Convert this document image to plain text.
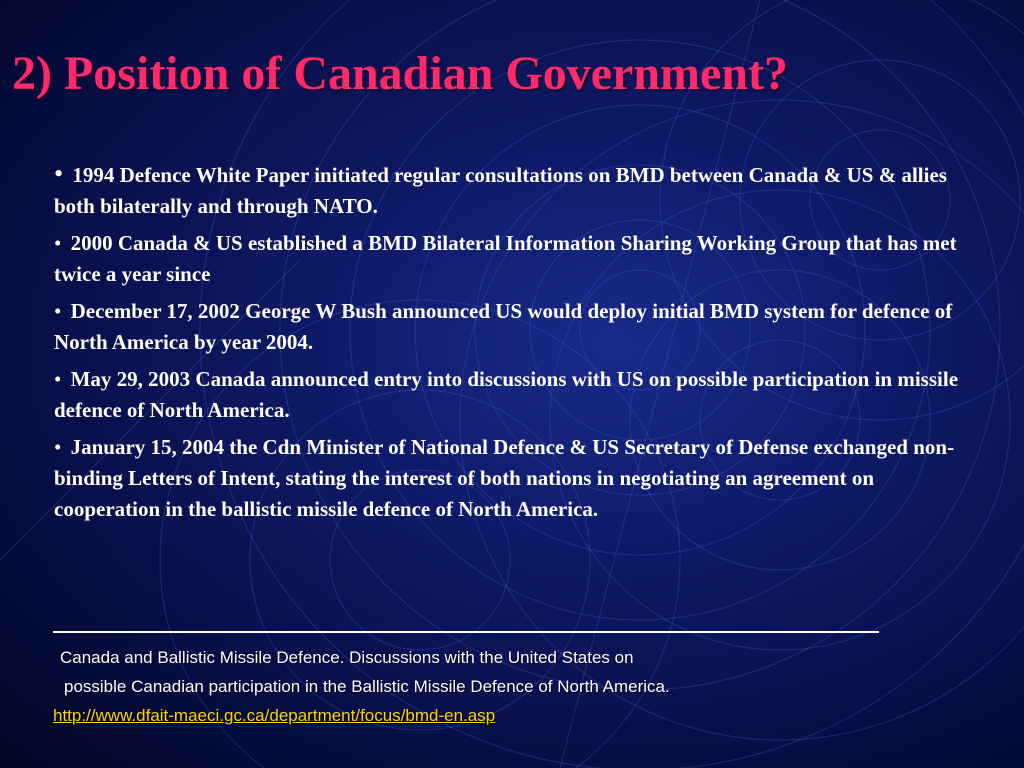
2) Position of Canadian Government?
• 1994 Defence White Paper initiated regular consultations on BMD between Canada & US & allies both bilaterally and through NATO.
• 2000 Canada & US established a BMD Bilateral Information Sharing Working Group that has met twice a year since
• December 17, 2002 George W Bush announced US would deploy initial BMD system for defence of North America by year 2004.
• May 29, 2003 Canada announced entry into discussions with US on possible participation in missile defence of North America.
• January 15, 2004 the Cdn Minister of National Defence & US Secretary of Defense exchanged non-binding Letters of Intent, stating the interest of both nations in negotiating an agreement on cooperation in the ballistic missile defence of North America.
Canada and Ballistic Missile Defence. Discussions with the United States on
possible Canadian participation in the Ballistic Missile Defence of North America.
http://www.dfait-maeci.gc.ca/department/focus/bmd-en.asp
